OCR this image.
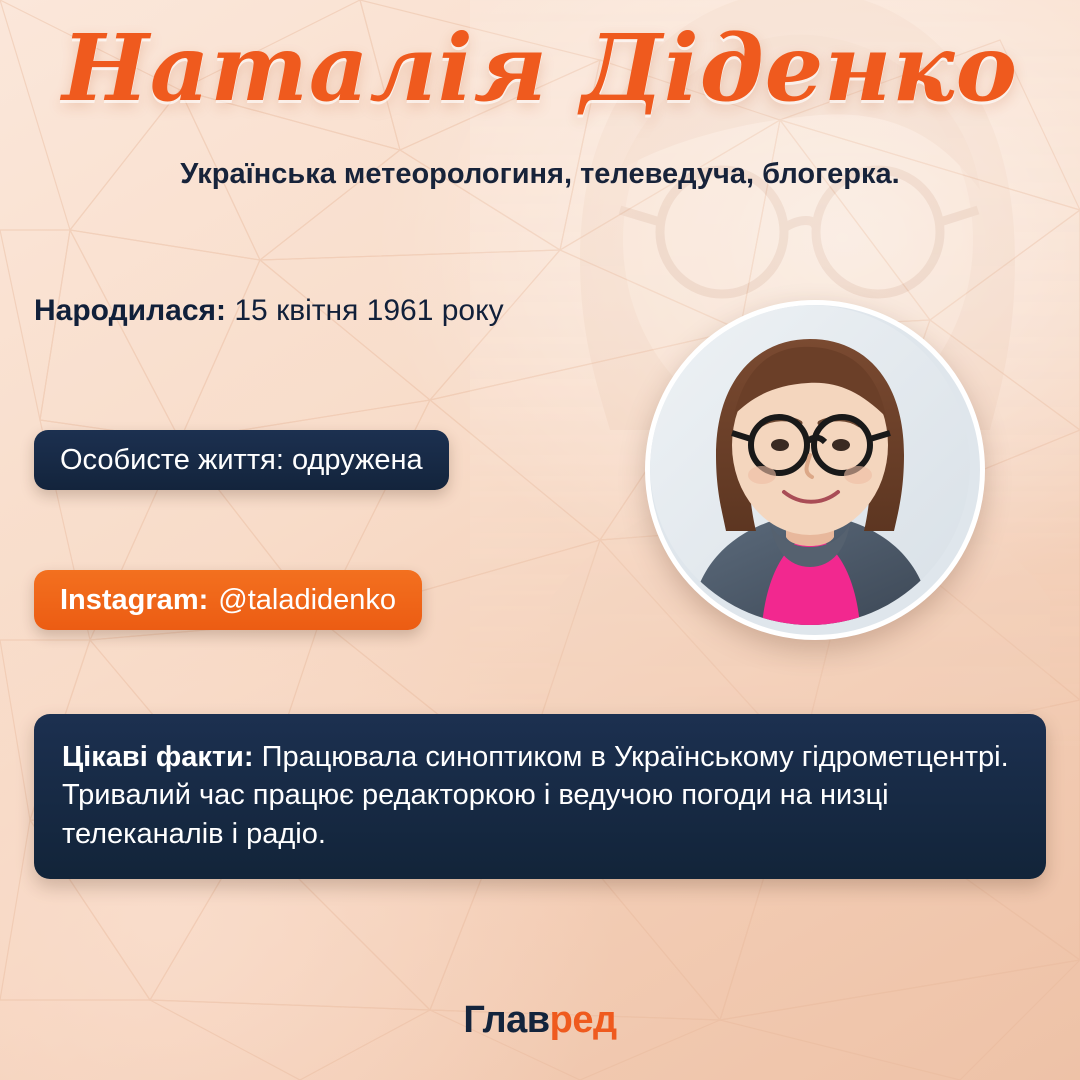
Наталія Діденко
Українська метеорологиня, телеведуча, блогерка.
Народилася: 15 квітня 1961 року
Особисте життя: одружена
Instagram: @taladidenko
Цікаві факти: Працювала синоптиком в Українському гідрометцентрі. Тривалий час працює редакторкою і ведучою погоди на низці телеканалів і радіо.
Главред
